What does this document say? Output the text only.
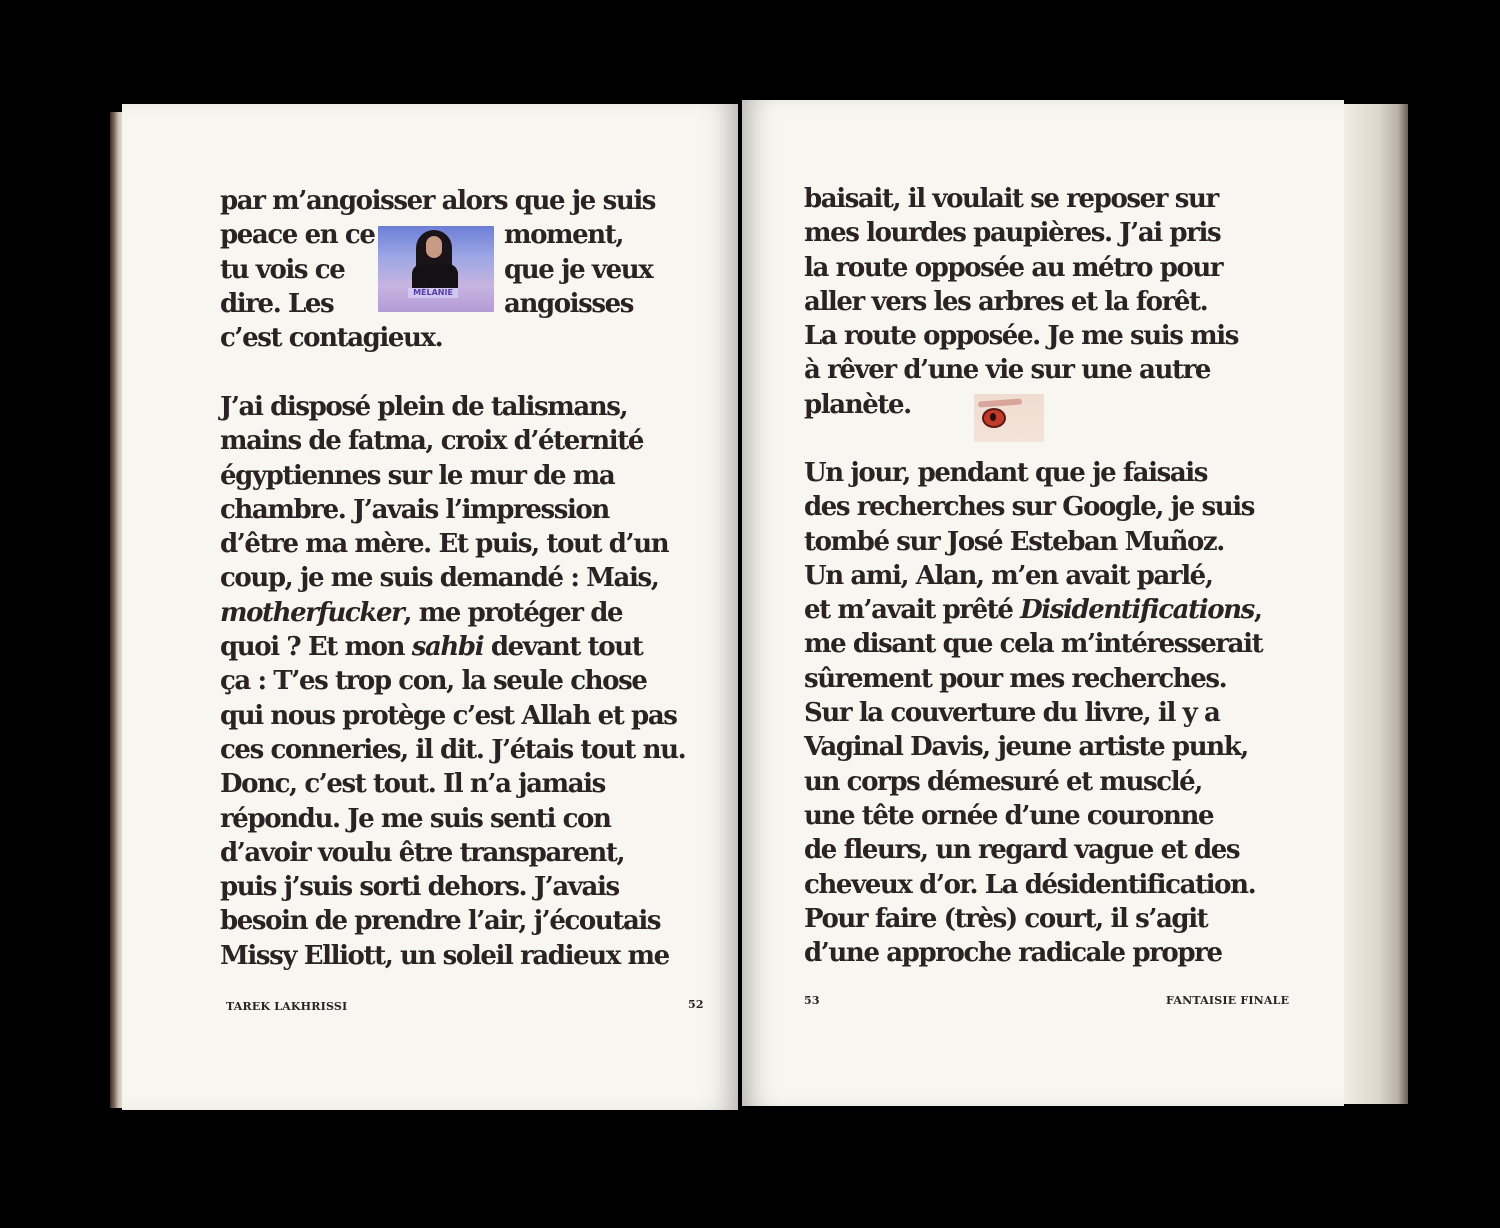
par m’angoisser alors que je suis
peace en ce	moment,
tu vois ce	que je veux
dire. Les	angoisses
c’est contagieux.
MÉLANIE
J’ai disposé plein de talismans,
mains de fatma, croix d’éternité
égyptiennes sur le mur de ma
chambre. J’avais l’impression
d’être ma mère. Et puis, tout d’un
coup, je me suis demandé : Mais,
motherfucker, me protéger de
quoi ? Et mon sahbi devant tout
ça : T’es trop con, la seule chose
qui nous protège c’est Allah et pas
ces conneries, il dit. J’étais tout nu.
Donc, c’est tout. Il n’a jamais
répondu. Je me suis senti con
d’avoir voulu être transparent,
puis j’suis sorti dehors. J’avais
besoin de prendre l’air, j’écoutais
Missy Elliott, un soleil radieux me
TAREK LAKHRISSI	52
baisait, il voulait se reposer sur
mes lourdes paupières. J’ai pris
la route opposée au métro pour
aller vers les arbres et la forêt.
La route opposée. Je me suis mis
à rêver d’une vie sur une autre
planète.
Un jour, pendant que je faisais
des recherches sur Google, je suis
tombé sur José Esteban Muñoz.
Un ami, Alan, m’en avait parlé,
et m’avait prêté Disidentifications,
me disant que cela m’intéresserait
sûrement pour mes recherches.
Sur la couverture du livre, il y a
Vaginal Davis, jeune artiste punk,
un corps démesuré et musclé,
une tête ornée d’une couronne
de fleurs, un regard vague et des
cheveux d’or. La désidentification.
Pour faire (très) court, il s’agit
d’une approche radicale propre
53	FANTAISIE FINALE
